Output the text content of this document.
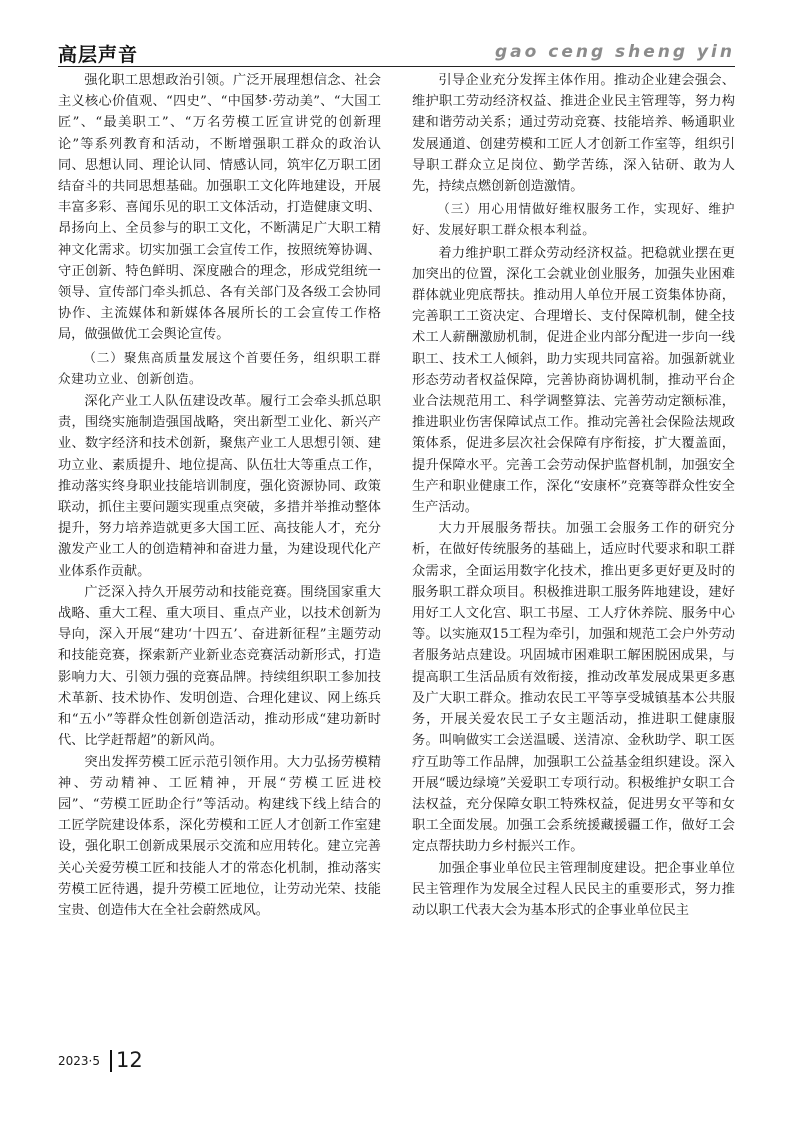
高层声音	gao ceng sheng yin

强化职工思想政治引领。广泛开展理想信念、社会主义核心价值观、“四史”、“中国梦·劳动美”、“大国工匠”、“最美职工”、“万名劳模工匠宣讲党的创新理论”等系列教育和活动，不断增强职工群众的政治认同、思想认同、理论认同、情感认同，筑牢亿万职工团结奋斗的共同思想基础。加强职工文化阵地建设，开展丰富多彩、喜闻乐见的职工文体活动，打造健康文明、昂扬向上、全员参与的职工文化，不断满足广大职工精神文化需求。切实加强工会宣传工作，按照统筹协调、守正创新、特色鲜明、深度融合的理念，形成党组统一领导、宣传部门牵头抓总、各有关部门及各级工会协同协作、主流媒体和新媒体各展所长的工会宣传工作格局，做强做优工会舆论宣传。

（二）聚焦高质量发展这个首要任务，组织职工群众建功立业、创新创造。

深化产业工人队伍建设改革。履行工会牵头抓总职责，围绕实施制造强国战略，突出新型工业化、新兴产业、数字经济和技术创新，聚焦产业工人思想引领、建功立业、素质提升、地位提高、队伍壮大等重点工作，推动落实终身职业技能培训制度，强化资源协同、政策联动，抓住主要问题实现重点突破，多措并举推动整体提升，努力培养造就更多大国工匠、高技能人才，充分激发产业工人的创造精神和奋进力量，为建设现代化产业体系作贡献。

广泛深入持久开展劳动和技能竞赛。围绕国家重大战略、重大工程、重大项目、重点产业，以技术创新为导向，深入开展“建功‘十四五’、奋进新征程”主题劳动和技能竞赛，探索新产业新业态竞赛活动新形式，打造影响力大、引领力强的竞赛品牌。持续组织职工参加技术革新、技术协作、发明创造、合理化建议、网上练兵和“五小”等群众性创新创造活动，推动形成“建功新时代、比学赶帮超”的新风尚。

突出发挥劳模工匠示范引领作用。大力弘扬劳模精神、劳动精神、工匠精神，开展“劳模工匠进校园”、“劳模工匠助企行”等活动。构建线下线上结合的工匠学院建设体系，深化劳模和工匠人才创新工作室建设，强化职工创新成果展示交流和应用转化。建立完善关心关爱劳模工匠和技能人才的常态化机制，推动落实劳模工匠待遇，提升劳模工匠地位，让劳动光荣、技能宝贵、创造伟大在全社会蔚然成风。

引导企业充分发挥主体作用。推动企业建会强会、维护职工劳动经济权益、推进企业民主管理等，努力构建和谐劳动关系；通过劳动竞赛、技能培养、畅通职业发展通道、创建劳模和工匠人才创新工作室等，组织引导职工群众立足岗位、勤学苦练，深入钻研、敢为人先，持续点燃创新创造激情。

（三）用心用情做好维权服务工作，实现好、维护好、发展好职工群众根本利益。

着力维护职工群众劳动经济权益。把稳就业摆在更加突出的位置，深化工会就业创业服务，加强失业困难群体就业兜底帮扶。推动用人单位开展工资集体协商，完善职工工资决定、合理增长、支付保障机制，健全技术工人薪酬激励机制，促进企业内部分配进一步向一线职工、技术工人倾斜，助力实现共同富裕。加强新就业形态劳动者权益保障，完善协商协调机制，推动平台企业合法规范用工、科学调整算法、完善劳动定额标准，推进职业伤害保障试点工作。推动完善社会保险法规政策体系，促进多层次社会保障有序衔接，扩大覆盖面，提升保障水平。完善工会劳动保护监督机制，加强安全生产和职业健康工作，深化“安康杯”竞赛等群众性安全生产活动。

大力开展服务帮扶。加强工会服务工作的研究分析，在做好传统服务的基础上，适应时代要求和职工群众需求，全面运用数字化技术，推出更多更好更及时的服务职工群众项目。积极推进职工服务阵地建设，建好用好工人文化宫、职工书屋、工人疗休养院、服务中心等。以实施双15工程为牵引，加强和规范工会户外劳动者服务站点建设。巩固城市困难职工解困脱困成果，与提高职工生活品质有效衔接，推动改革发展成果更多惠及广大职工群众。推动农民工平等享受城镇基本公共服务，开展关爱农民工子女主题活动，推进职工健康服务。叫响做实工会送温暖、送清凉、金秋助学、职工医疗互助等工作品牌，加强职工公益基金组织建设。深入开展“暖边绿境”关爱职工专项行动。积极维护女职工合法权益，充分保障女职工特殊权益，促进男女平等和女职工全面发展。加强工会系统援藏援疆工作，做好工会定点帮扶助力乡村振兴工作。

加强企事业单位民主管理制度建设。把企事业单位民主管理作为发展全过程人民民主的重要形式，努力推动以职工代表大会为基本形式的企事业单位民主

2023·5 12
